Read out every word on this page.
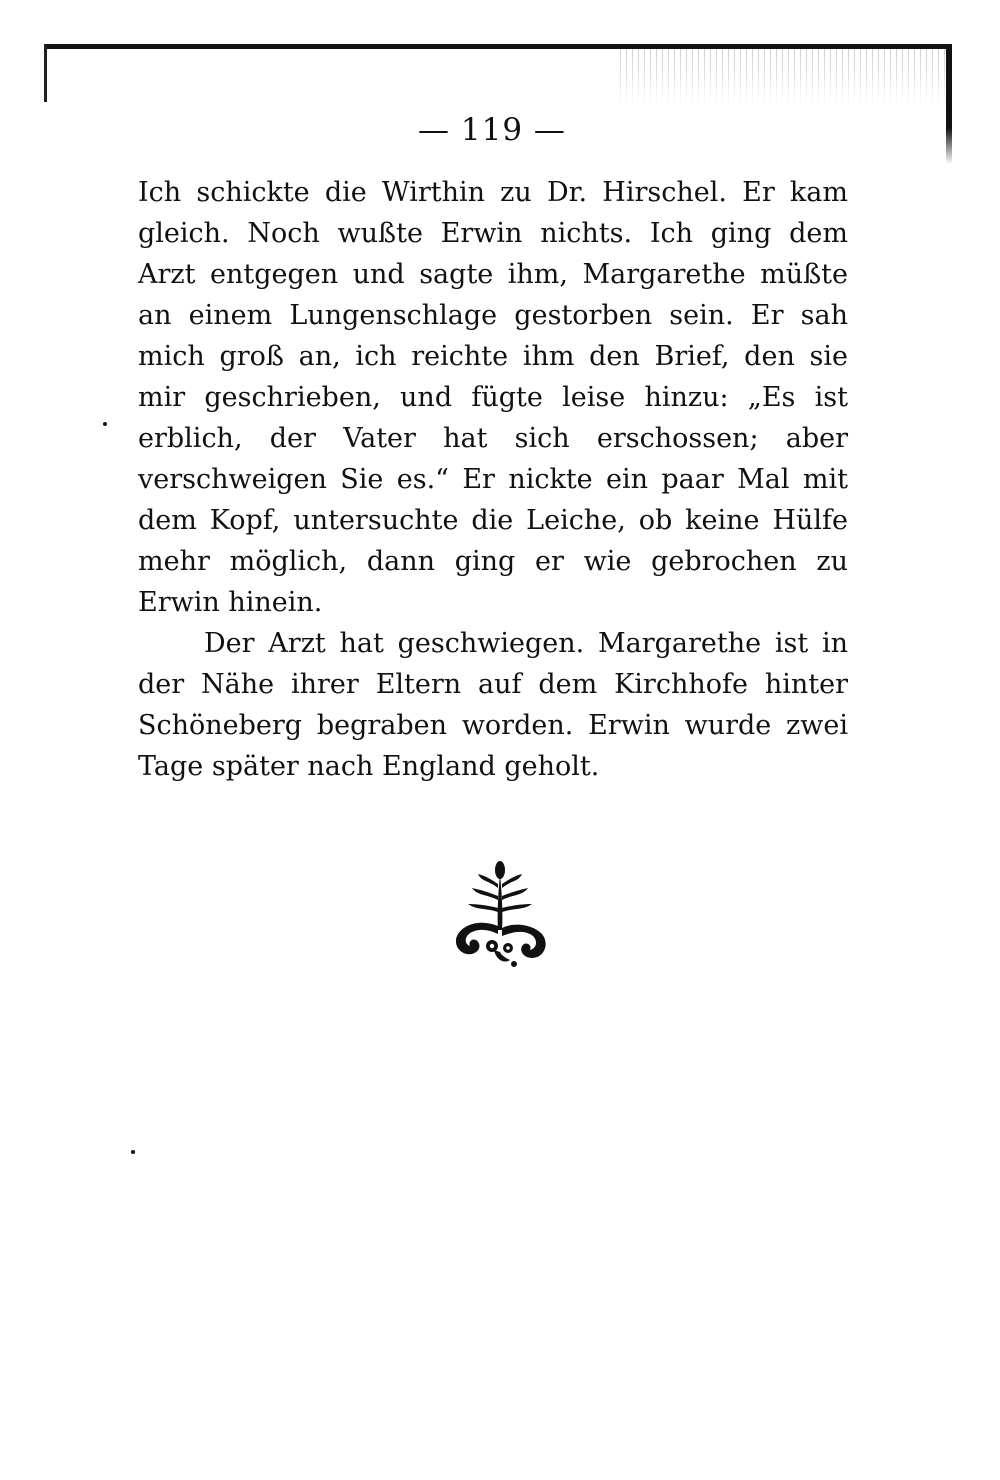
— 119 —

Ich schickte die Wirthin zu Dr. Hirschel. Er kam gleich. Noch wußte Erwin nichts. Ich ging dem Arzt entgegen und sagte ihm, Margarethe müßte an einem Lungenschlage gestorben sein. Er sah mich groß an, ich reichte ihm den Brief, den sie mir geschrieben, und fügte leise hinzu: „Es ist erblich, der Vater hat sich erschossen; aber verschweigen Sie es.“ Er nickte ein paar Mal mit dem Kopf, untersuchte die Leiche, ob keine Hülfe mehr möglich, dann ging er wie gebrochen zu Erwin hinein.

Der Arzt hat geschwiegen. Margarethe ist in der Nähe ihrer Eltern auf dem Kirchhofe hinter Schöneberg begraben worden. Erwin wurde zwei Tage später nach England geholt.
